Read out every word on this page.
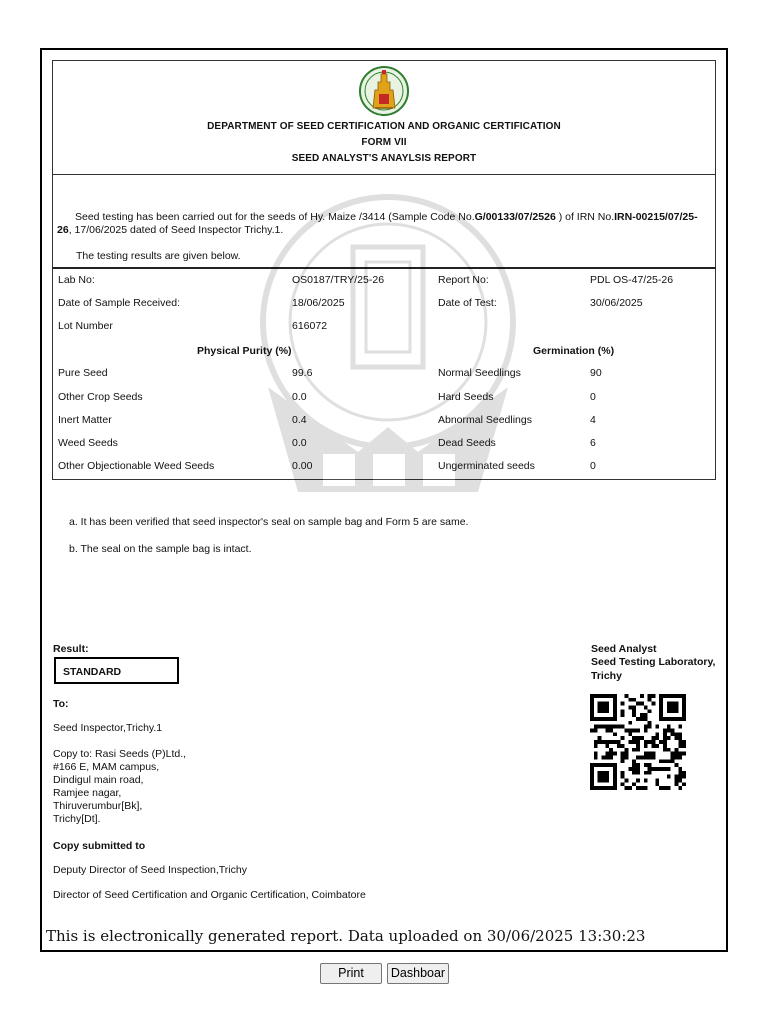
DEPARTMENT OF SEED CERTIFICATION AND ORGANIC CERTIFICATION
FORM VII
SEED ANALYST'S ANAYLSIS REPORT
Seed testing has been carried out for the seeds of Hy. Maize /3414 (Sample Code No.G/00133/07/2526 ) of IRN No.IRN-00215/07/25-26, 17/06/2025 dated of Seed Inspector Trichy.1.
The testing results are given below.
Lab No:	OS0187/TRY/25-26	Report No:	PDL OS-47/25-26
Date of Sample Received:	18/06/2025	Date of Test:	30/06/2025
Lot Number	616072
Physical Purity (%)	Germination (%)
Pure Seed	99.6	Normal Seedlings	90
Other Crop Seeds	0.0	Hard Seeds	0
Inert Matter	0.4	Abnormal Seedlings	4
Weed Seeds	0.0	Dead Seeds	6
Other Objectionable Weed Seeds	0.00	Ungerminated seeds	0
a. It has been verified that seed inspector's seal on sample bag and Form 5 are same.
b. The seal on the sample bag is intact.
Result:
STANDARD
Seed Analyst
Seed Testing Laboratory,
Trichy
To:
Seed Inspector,Trichy.1
Copy to: Rasi Seeds (P)Ltd.,
#166 E, MAM campus,
Dindigul main road,
Ramjee nagar,
Thiruverumbur[Bk],
Trichy[Dt].
Copy submitted to
Deputy Director of Seed Inspection,Trichy
Director of Seed Certification and Organic Certification, Coimbatore
This is electronically generated report. Data uploaded on 30/06/2025 13:30:23
Print	Dashboar
